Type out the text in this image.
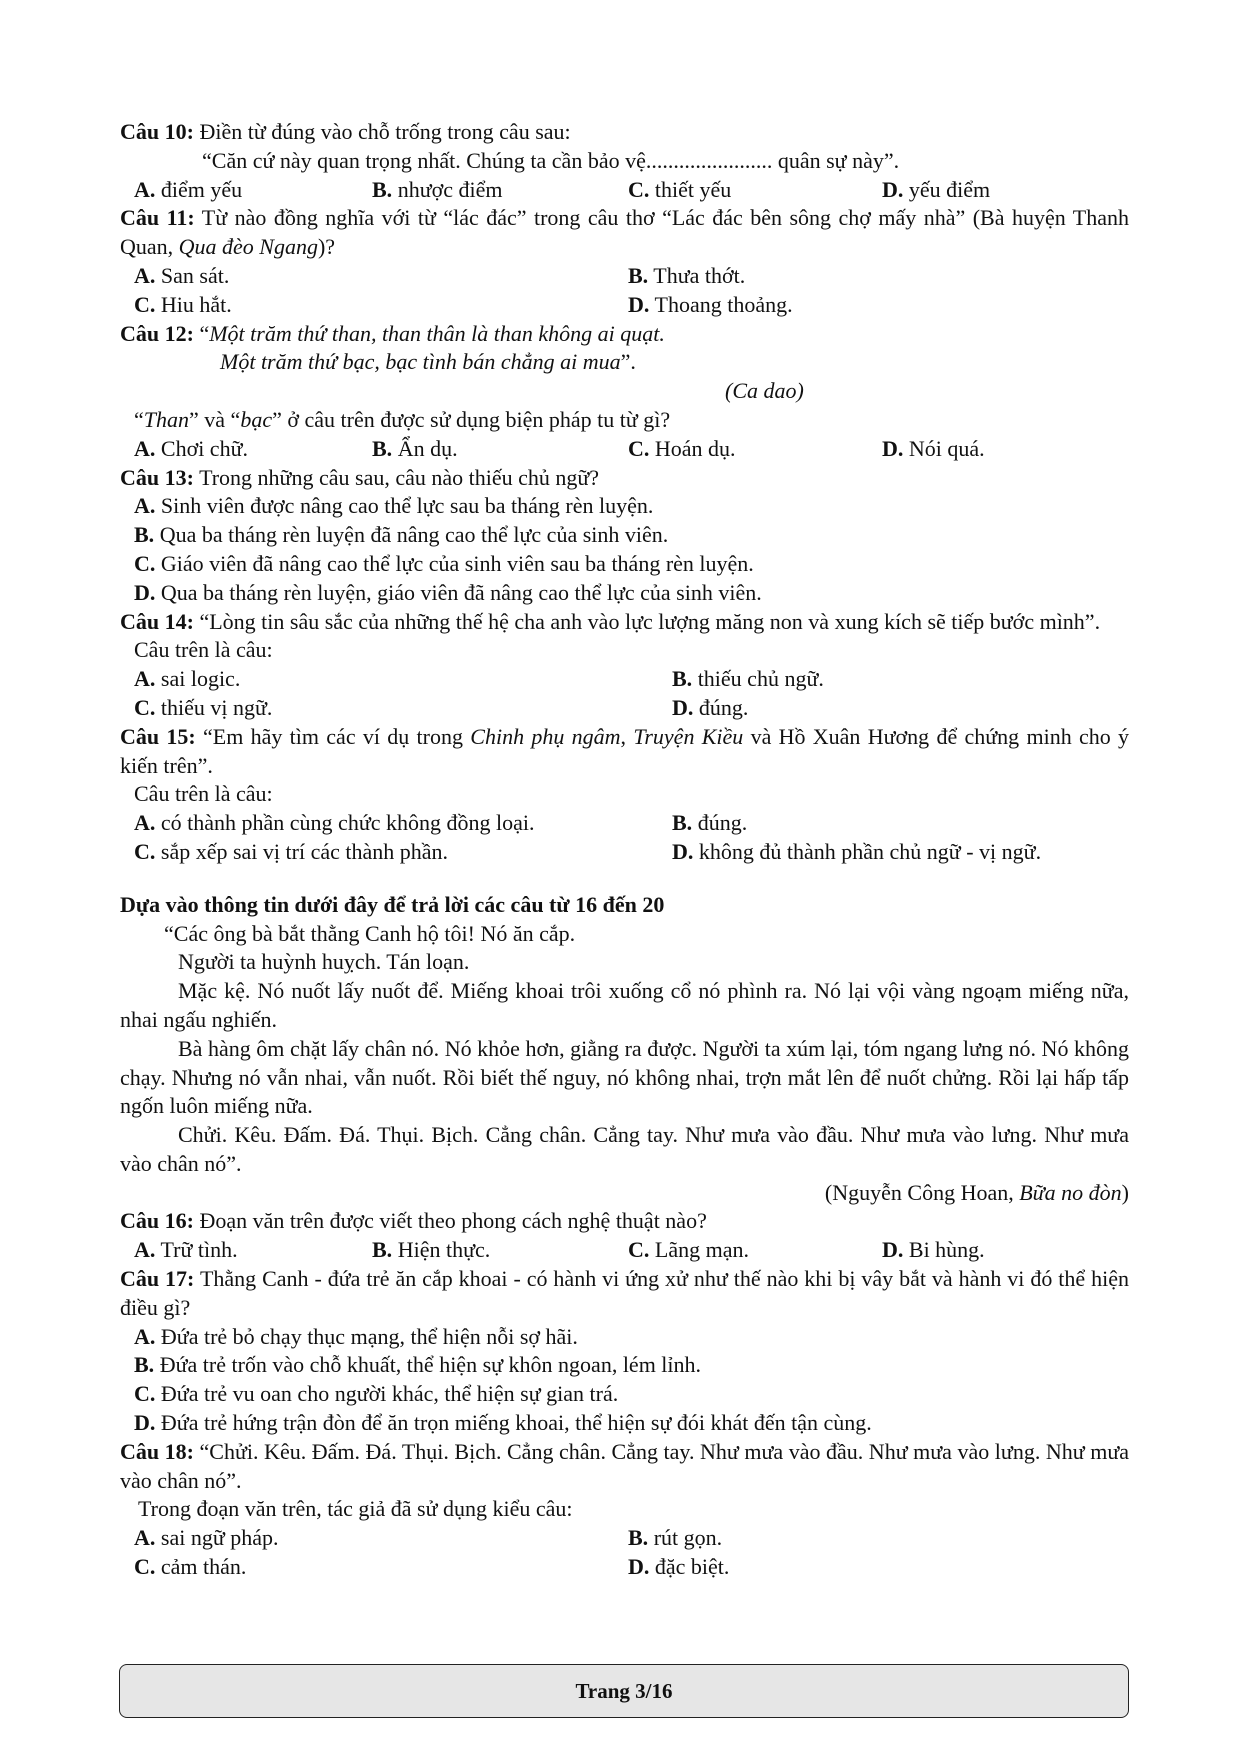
Câu 10: Điền từ đúng vào chỗ trống trong câu sau:
“Căn cứ này quan trọng nhất. Chúng ta cần bảo vệ....................... quân sự này”.
A. điểm yếu	B. nhược điểm	C. thiết yếu	D. yếu điểm
Câu 11: Từ nào đồng nghĩa với từ “lác đác” trong câu thơ “Lác đác bên sông chợ mấy nhà” (Bà huyện Thanh Quan, Qua đèo Ngang)?
A. San sát.	B. Thưa thớt.
C. Hiu hắt.	D. Thoang thoảng.
Câu 12: “Một trăm thứ than, than thân là than không ai quạt.
Một trăm thứ bạc, bạc tình bán chẳng ai mua”.
(Ca dao)
“Than” và “bạc” ở câu trên được sử dụng biện pháp tu từ gì?
A. Chơi chữ.	B. Ẩn dụ.	C. Hoán dụ.	D. Nói quá.
Câu 13: Trong những câu sau, câu nào thiếu chủ ngữ?
A. Sinh viên được nâng cao thể lực sau ba tháng rèn luyện.
B. Qua ba tháng rèn luyện đã nâng cao thể lực của sinh viên.
C. Giáo viên đã nâng cao thể lực của sinh viên sau ba tháng rèn luyện.
D. Qua ba tháng rèn luyện, giáo viên đã nâng cao thể lực của sinh viên.
Câu 14: “Lòng tin sâu sắc của những thế hệ cha anh vào lực lượng măng non và xung kích sẽ tiếp bước mình”.
Câu trên là câu:
A. sai logic.	B. thiếu chủ ngữ.
C. thiếu vị ngữ.	D. đúng.
Câu 15: “Em hãy tìm các ví dụ trong Chinh phụ ngâm, Truyện Kiều và Hồ Xuân Hương để chứng minh cho ý kiến trên”.
Câu trên là câu:
A. có thành phần cùng chức không đồng loại.	B. đúng.
C. sắp xếp sai vị trí các thành phần.	D. không đủ thành phần chủ ngữ - vị ngữ.
Dựa vào thông tin dưới đây để trả lời các câu từ 16 đến 20
“Các ông bà bắt thằng Canh hộ tôi! Nó ăn cắp.
Người ta huỳnh huỵch. Tán loạn.
Mặc kệ. Nó nuốt lấy nuốt để. Miếng khoai trôi xuống cổ nó phình ra. Nó lại vội vàng ngoạm miếng nữa, nhai ngấu nghiến.
Bà hàng ôm chặt lấy chân nó. Nó khỏe hơn, giằng ra được. Người ta xúm lại, tóm ngang lưng nó. Nó không chạy. Nhưng nó vẫn nhai, vẫn nuốt. Rồi biết thế nguy, nó không nhai, trợn mắt lên để nuốt chửng. Rồi lại hấp tấp ngốn luôn miếng nữa.
Chửi. Kêu. Đấm. Đá. Thụi. Bịch. Cẳng chân. Cẳng tay. Như mưa vào đầu. Như mưa vào lưng. Như mưa vào chân nó”.
(Nguyễn Công Hoan, Bữa no đòn)
Câu 16: Đoạn văn trên được viết theo phong cách nghệ thuật nào?
A. Trữ tình.	B. Hiện thực.	C. Lãng mạn.	D. Bi hùng.
Câu 17: Thằng Canh - đứa trẻ ăn cắp khoai - có hành vi ứng xử như thế nào khi bị vây bắt và hành vi đó thể hiện điều gì?
A. Đứa trẻ bỏ chạy thục mạng, thể hiện nỗi sợ hãi.
B. Đứa trẻ trốn vào chỗ khuất, thể hiện sự khôn ngoan, lém lỉnh.
C. Đứa trẻ vu oan cho người khác, thể hiện sự gian trá.
D. Đứa trẻ hứng trận đòn để ăn trọn miếng khoai, thể hiện sự đói khát đến tận cùng.
Câu 18: “Chửi. Kêu. Đấm. Đá. Thụi. Bịch. Cẳng chân. Cẳng tay. Như mưa vào đầu. Như mưa vào lưng. Như mưa vào chân nó”.
Trong đoạn văn trên, tác giả đã sử dụng kiểu câu:
A. sai ngữ pháp.	B. rút gọn.
C. cảm thán.	D. đặc biệt.
Trang 3/16
